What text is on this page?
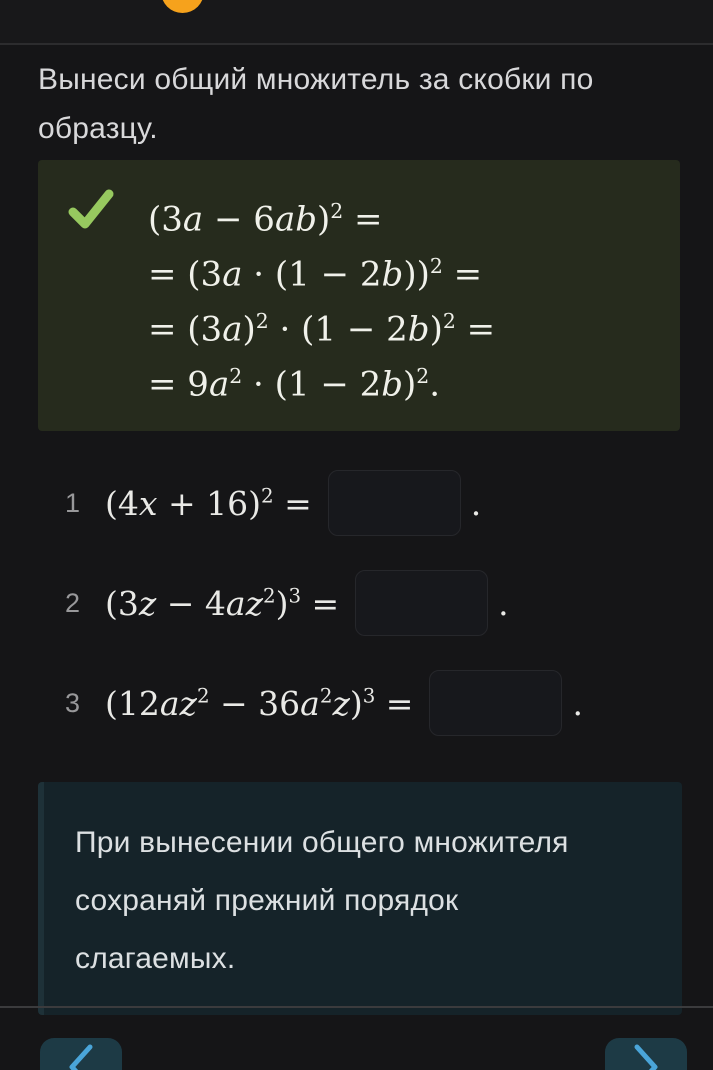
Вынеси общий множитель за скобки по образцу.
$(3a - 6ab)^2$ =
= $(3a \cdot (1 - 2b))^2$ =
= $(3a)^2 \cdot (1 - 2b)^2$ =
= $9a^2 \cdot (1 - 2b)^2$.
1 $(4x + 16)^2$ =	.
2 $(3z - 4az^2)^3$ =	.
3 $(12az^2 - 36a^2z)^3$ =	.

При вынесении общего множителя сохраняй прежний порядок слагаемых.
